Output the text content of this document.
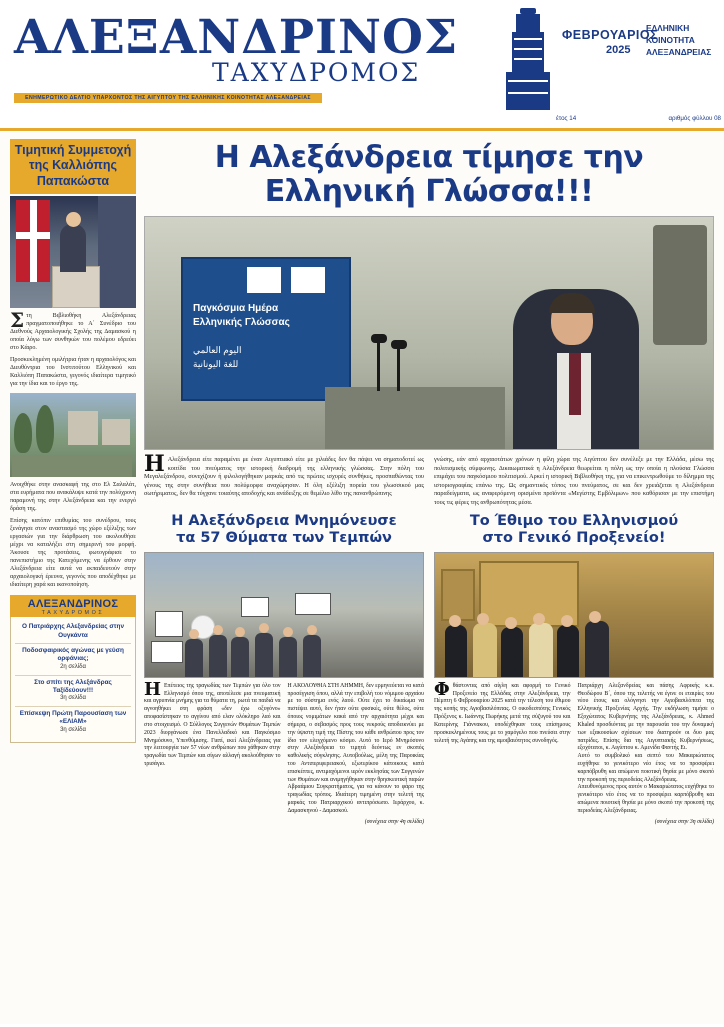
ΑΛΕΞΑΝΔΡΙΝΟΣ
ΤΑΧΥΔΡΟΜΟΣ
ΕΝΗΜΕΡΩΤΙΚΟ ΔΕΛΤΙΟ ΥΠΑΡΧΟΝΤΟΣ ΤΗΣ ΑΙΓΥΠΤΟΥ ΤΗΣ ΕΛΛΗΝΙΚΗΣ ΚΟΙΝΟΤΗΤΑΣ ΑΛΕΞΑΝΔΡΕΙΑΣ
ΦΕΒΡΟΥΑΡΙΟΣ
2025
ΕΛΛΗΝΙΚΗ
ΚΟΙΝΟΤΗΤΑ
ΑΛΕΞΑΝΔΡΕΙΑΣ
έτος 14	αριθμός φύλλου 08
Τιμητική Συμμετοχή της Καλλιόπης Παπακώστα
Στη Βιβλιοθήκη Αλεξάνδρειας πραγματοποιήθηκε το Α΄ Συνέδριο του Διεθνούς Αρχαιολογικής Σχολής της Δαμασκού η οποία λόγω των συνθηκών του πολέμου εδρεύει στο Κάιρο.
Προσκεκλημένη ομιλήτρια ήταν η αρχαιολόγος και Διευθύντρια του Ινστιτούτου Ελληνικού και Καλλιόπη Παπακώστα, γεγονός ιδιαίτερα τιμητικό για την ίδια και το έργο της.
Ανοιχθήκε στην ανασκαφή της στο Ελ Σαλαλάτ, στα ευρήματα που ανακάλυψε κατά την πολύχρονη παραμονή της στην Αλεξάνδρεια και την ενεργό δράση της.
Επίσης κατόπιν επιθυμίας του συνέδρου, τους ξενάγησε στον αναστασμό της χώρο εξέλιξης των εργασιών για την διάρθρωση του ακολουθήσε μέχρι να καταλήξει στη σημερινή του μορφή. Άκουσε της προτάσεις, φωτογράφισε το πανεπιστήμιο της Κατεχόμενης να έρθουν στην Αλεξάνδρεια είτε αυτά να εκπαιδευτούν στην αρχαιολογική έρευνα, γεγονός που αποδέχθηκε με ιδιαίτερη χαρά και ικανοποίηση.
ΑΛΕΞΑΝΔΡΙΝΟΣ
ΤΑΧΥΔΡΟΜΟΣ
Ο Πατριάρχης Αλεξανδρείας στην Ουγκάντα
Ποδοσφαιρικός αγώνας με γεύση ορφάνιας;
2η σελίδα
Στο σπίτι της Αλεξάνδρας Ταξίδεύουν!!!
3η σελίδα
Επίσκεψη Πρώτη Παρουσίαση των «ΕΛΙΑΜ»
3η σελίδα
Η Αλεξάνδρεια τίμησε την
Ελληνική Γλώσσα!!!
Παγκόσμια Ημέρα
Ελληνικής Γλώσσας
اليوم العالمي
للغة اليونانية
Η Αλεξάνδρεια είτε παραμένει με έναν Αιγυπτιακό είτε με χιλιάδες δεν θα πάψει να σηματοδοτεί ως κοιτίδα του πνεύματος την ιστορική διαδρομή της ελληνικής γλώσσας. Στην πόλη του Μεγαλεξάνδρου, συνεχίζουν ή φιλολογήθηκαν μαρκάς από τις πρώτες ισχυρές συνθήκες, προσπαθώντας του γένους της στην συνήθεια που πολύμορφα αναχώρησαν. Η όλη εξέλιξη πορεία του γλωσσικού μας σωτήριματος, δεν θα τύγχανε τοιαύτης αποδοχής και ανάδειξης σε θεμέλιο λίθο της πανανθρώπινης
γνώσης, εάν από αρχαιοτάτων χρόνων η φίλη χώρα της Αιγύπτου δεν συνέλεξε με την Ελλάδα, μέσω της πολιτισμικής σύμφωνης. Δικαιωματικά η Αλεξάνδρεια θεωρείται η πόλη ως την οποία η πλούσια Γλώσσα επιμάχει του παγκόσμιου πολιτισμού. Αρκεί η ιστορική Βιβλιοθήκη της, για να επικεντρωθούμε το δίλημμα της ιστοριογραφίας επάνω της. Ως σημαντικός τόπος του πνεύματος, σε και δεν χρειάζεται η Αλεξάνδρεια παραδείγματα, ως αναφερόμενη ορισμένα προϊόντα «Μεγίστης Εμβόλιμων» που καθόρισαν με την επιστήμη τους τις φέρες της ανθρωπότητας μέσα.
Η Αλεξάνδρεια Μνημόνευσε
τα 57 Θύματα των Τεμπών
Η Επέτειος της τραγωδίας των Τεμπών για όλο τον Ελληνισμό όπου της, αποτέλεσε μια πνευματική και αγρυπνία μνήμης για τα θύματα τη, ρωτά τα παιδιά να αγνοηθήκει στη φράση «δεν έχω οξυγόνο» αποφασίστηκαν το αγγίνου από ελαν ολόκληρο λαό και στο στοιχεισμό. Ο Σύλλογος Συγγενών Θυμάτων Τεμπών 2023 διοργάνωσε ένα Πανελλαδικό και Παγκόσμιο Μνημόσυνο, Υπενθύμισης. Γιατί, εκεί Αλεξάνδρειας για την λειτουργία των 57 νέων ανθρώπων που χάθηκαν στην τραγωδία των Τεμπών και σίγων αλλαγή ακολούθησαν το τρισάγιο.
Η ΑΚΟΛΟΥΘΙΑ ΣΤΗ ΛΗΜΜΗ, δεν ερμηνεύεται να κατά προσέγγιση όπου, αλλά την επιβολή του νόμιμου αρχαίου με το σύστημα ενός λαού. Ούτε έχει το δικαίωμα να πιστέψει αυτό, δεν ήταν ούτε φυσικές, ούτε θέλος, ούτε όποιος νομιμάτων κακά από την αρχαιότητα μέχρι και σήμερα, ο σεβασμός προς τους νεκρούς αποδεικνύει με την ύψιστη τιμή της Πίστης του κάθε ανθρώπου προς τον ίδιο τον ελεγχόμενο κόσμο. Αυτό το Ιερό Μνημόσυνο στην Αλεξάνδρεια το τιμητά δεόντως εν σκοπός καθολικής σύγκλησης. Αυτοβούλως, μέλη της Παροικίας του Αντιπεριφερειακού, εξωτερίκου κάτοικους κατά επισκέπτες, αντιμαχόμενοι ιερόν εκκλησίας των Συγγενών των Θυμάτων και ανιμηγήθηκαν στην θρησκευτική παρών Αβραάμιου Συγκρατήματος, για να κάνουν το φάρο της τραγωδίας τρόπος. Ιδιαίτερη τιμημένη στην τελετή της μαρκάς του Πατριαρχικού αντιπρόσωπο. Ιεράρχου, κ. Δαμασκηνού - Δαμασκού.
(συνέχεια στην 4η σελίδα)
Το Έθιμο του Ελληνισμού
στο Γενικό Προξενείο!
Φθάστοντας από αίγλη και αφορμή το Γενικό Προξενείο της Ελλάδας στην Αλεξάνδρεια, την Πέμπτη 6 Φεβρουαρίου 2025 κατά την τέλεση του έθιμου της κοπής της Αγιοβασιλόπιτας. Ο οικοδεσπότης Γενικός Πρόξενος κ. Ιωάννης Πωρήκης μετά της σύζυγού του και Κατερίνης Γιάννακου, υποδέχθηκαν τους επίσημους προσκεκλημένους τους με το χαμόγελο που πνεύσει στην τελετή της Αγάπης και της αμοιβαιότητος συνοδηγός.
Πατριάρχη Αλεξανδρείας και πάσης Αφρικής κ.κ. Θεοδώρου Β΄, όπου της τελετής να έγινε οι εταιρίες του νέου έτους και ολόγνησι την Αγιοβασιλόπιτα της Ελληνικής Προξενίας Αρχής. Την εκδήλωση τιμήσε ο Εξοχώτατος Κυβερνήτης της Αλεξάνδρειας, κ. Ahmed Khaled προσδιόντας με την παρουσία του την δυναμική των εξακουσίων σχέσεων του διατηρούν οι δυο μας πατρίδες. Επίσης δια της Αιγυπτιακής Κυβερνήσεως, εξοχότατοι, κ. Αιγύπτου κ. Αμενίδα Φαντής Ει.
Αυτό το συμβολικό και σεπτό του Μακαριώτατος ευχήθηκε το γενικότερο νέο έτος να το προσφέρει καρπόβρυθη και απώμενα ποιοτική θησία με μόνο σκοπό την προκοπή της περιοδείας Αλεξάνδρειας.
Απευθυνόμενος προς αυτόν ο Μακαριώτατος ευχήθηκε το γενικότερο νέο έτος να το προσφέρει καρπόβρυθη και απώμενα ποιοτική θησία με μόνο σκοπό την προκοπή της περιοδείας Αλεξάνδρειας.
(συνέχεια στην 3η σελίδα)
